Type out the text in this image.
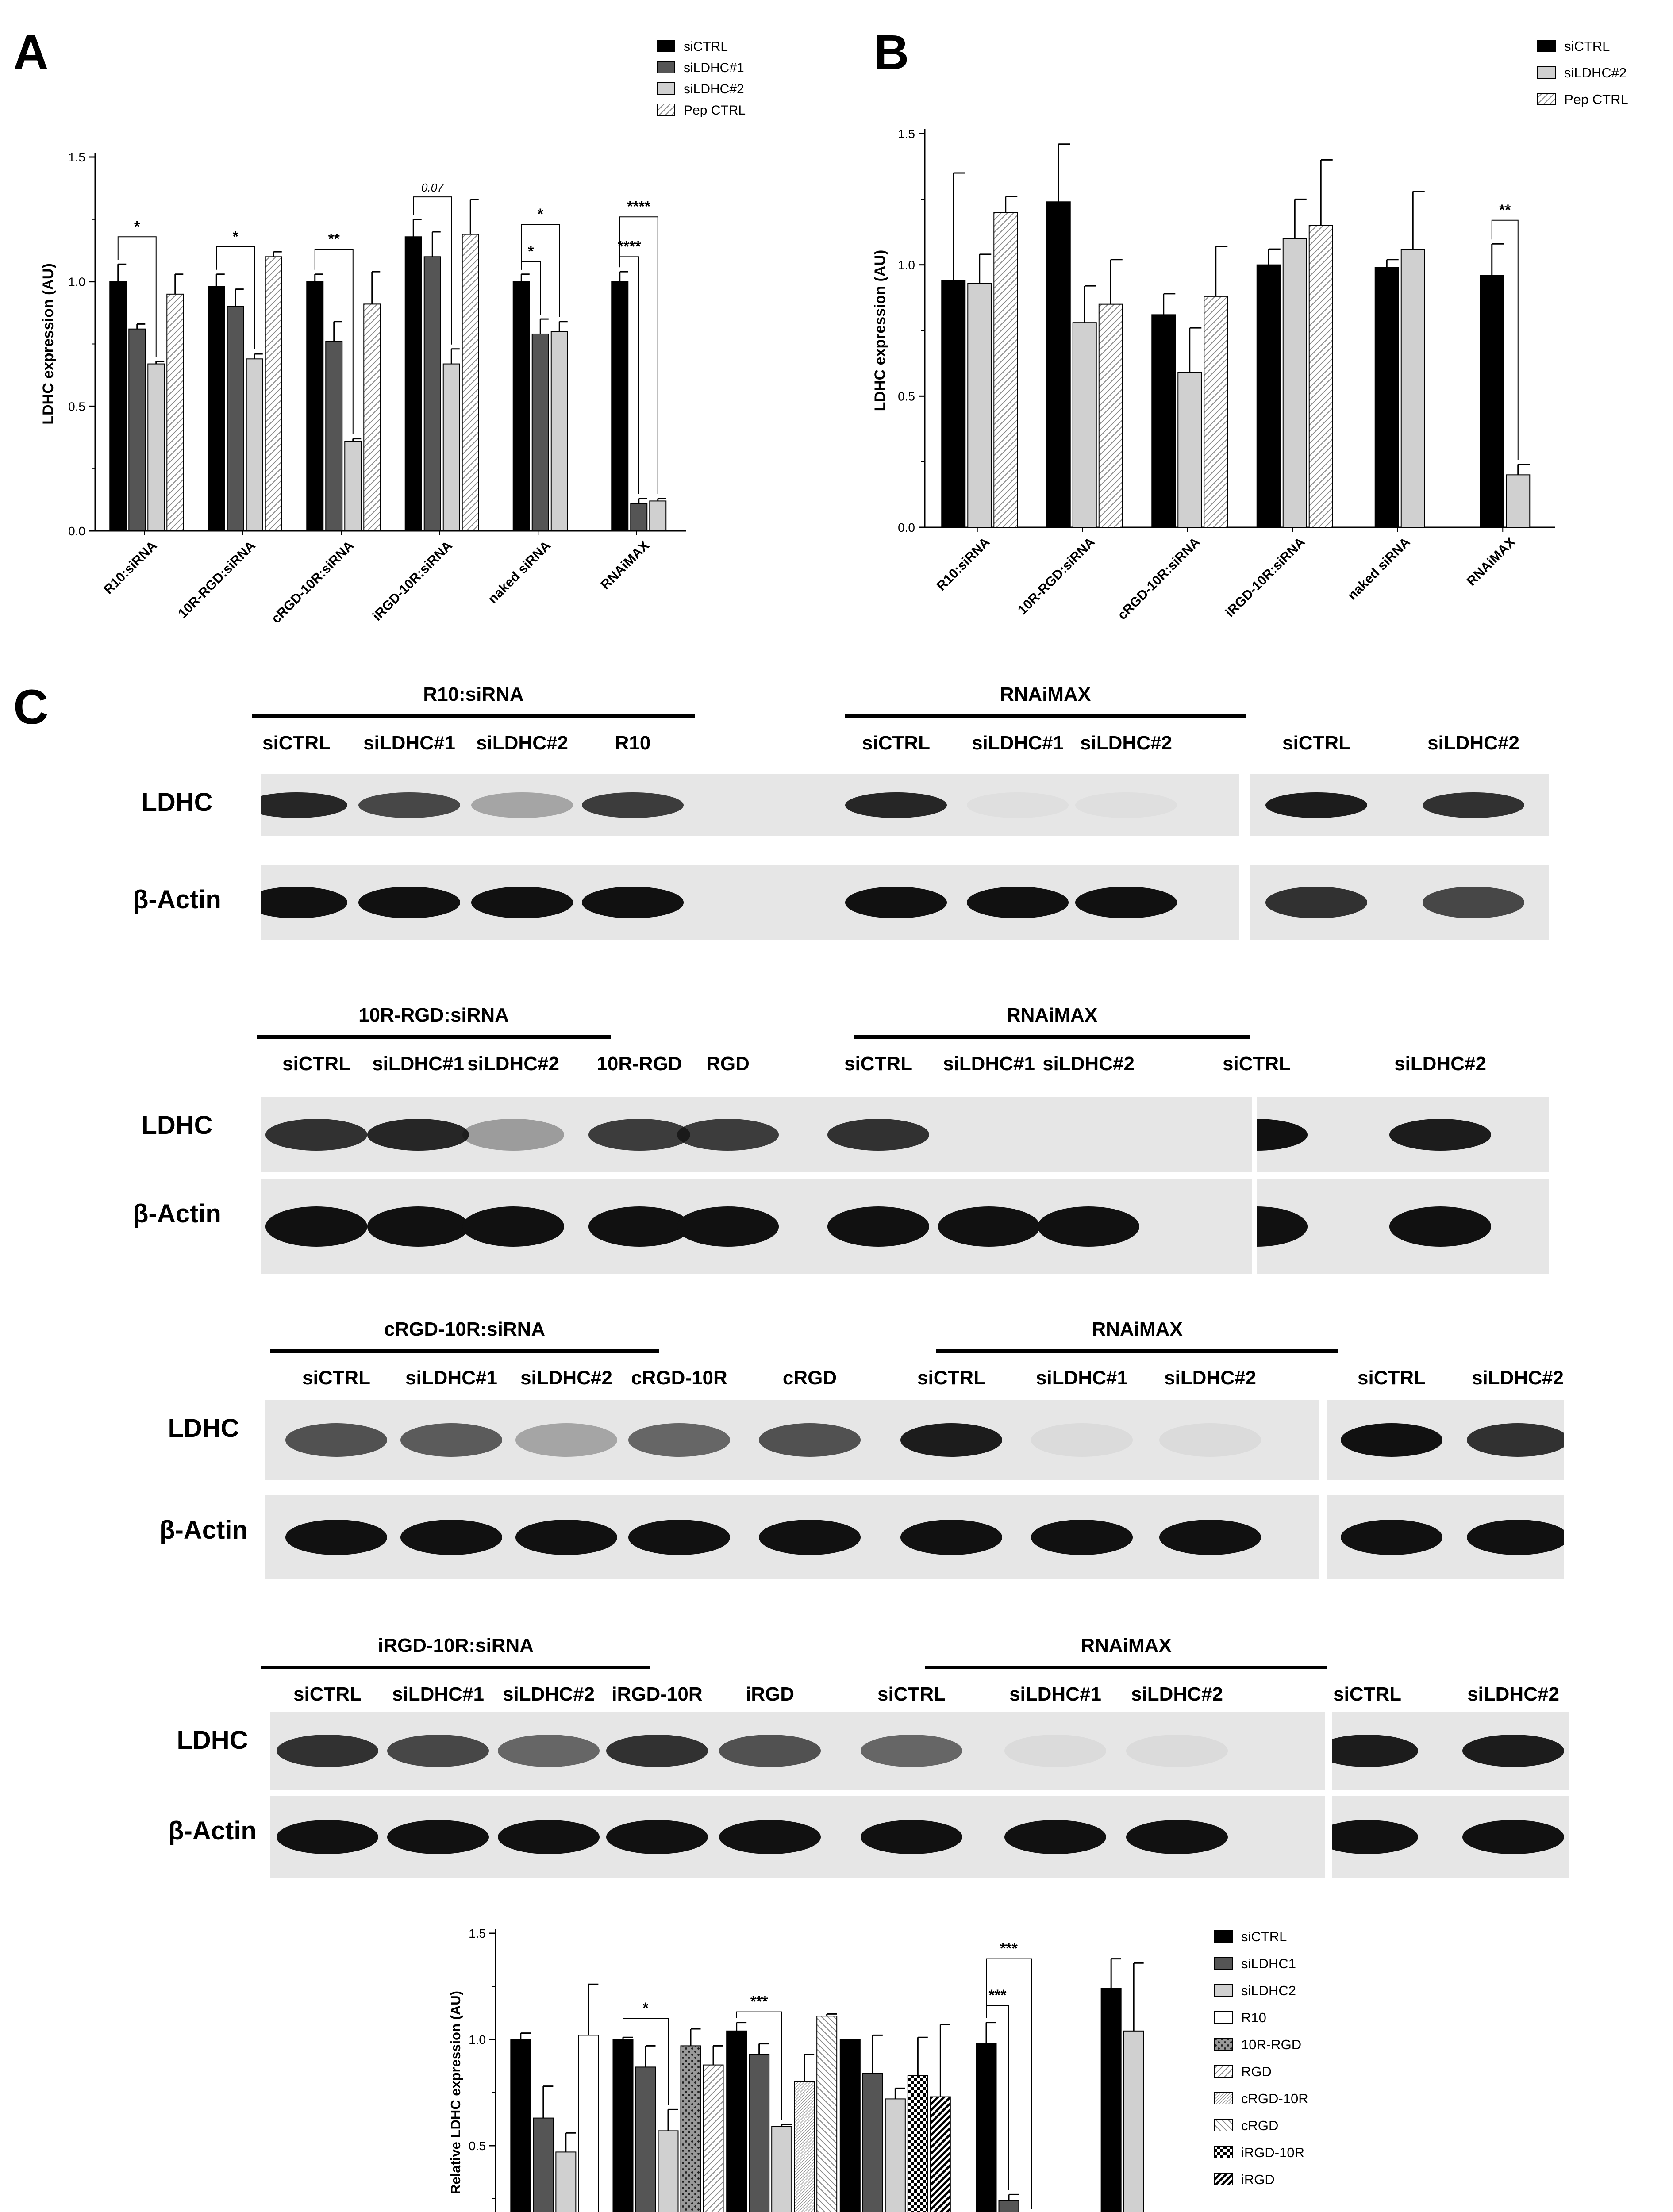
A	B
C
0.0
0.5
1.0
1.5
LDHC expression (AU)
R10:siRNA 10R-RGD:siRNA cRGD-10R:siRNA iRGD-10R:siRNA naked siRNA	RNAiMAX
*
*	**
0.07
*
*
****
****
siCTRL
siLDHC#1
siLDHC#2
Pep CTRL
0.0
0.5
1.0
1.5
LDHC expression (AU)
R10:siRNA 10R-RGD:siRNA cRGD-10R:siRNA iRGD-10R:siRNA	naked siRNA	RNAiMAX
**
siCTRL
siLDHC#2
Pep CTRL
0.5
1.0
1.5
Relative LDHC expression (AU)	*	***	***
***
siCTRL
siLDHC1
siLDHC2
R10
10R-RGD
RGD
cRGD-10R
cRGD
iRGD-10R
iRGD
R10:siRNA	RNAiMAX
siCTRL siLDHC#1 siLDHC#2 R10	siCTRL siLDHC#1 siLDHC#2	siCTRL	siLDHC#2
LDHC
β-Actin
10R-RGD:siRNA	RNAiMAX
siCTRL siLDHC#1 siLDHC#2 10R-RGD RGD	siCTRL siLDHC#1 siLDHC#2	siCTRL	siLDHC#2
LDHC
β-Actin
cRGD-10R:siRNA	RNAiMAX
siCTRL siLDHC#1 siLDHC#2 cRGD-10R	cRGD	siCTRL	siLDHC#1 siLDHC#2	siCTRL siLDHC#2
LDHC
β-Actin
iRGD-10R:siRNA	RNAiMAX
siCTRL siLDHC#1 siLDHC#2 iRGD-10R iRGD	siCTRL	siLDHC#1 siLDHC#2	siCTRL	siLDHC#2
LDHC
β-Actin
